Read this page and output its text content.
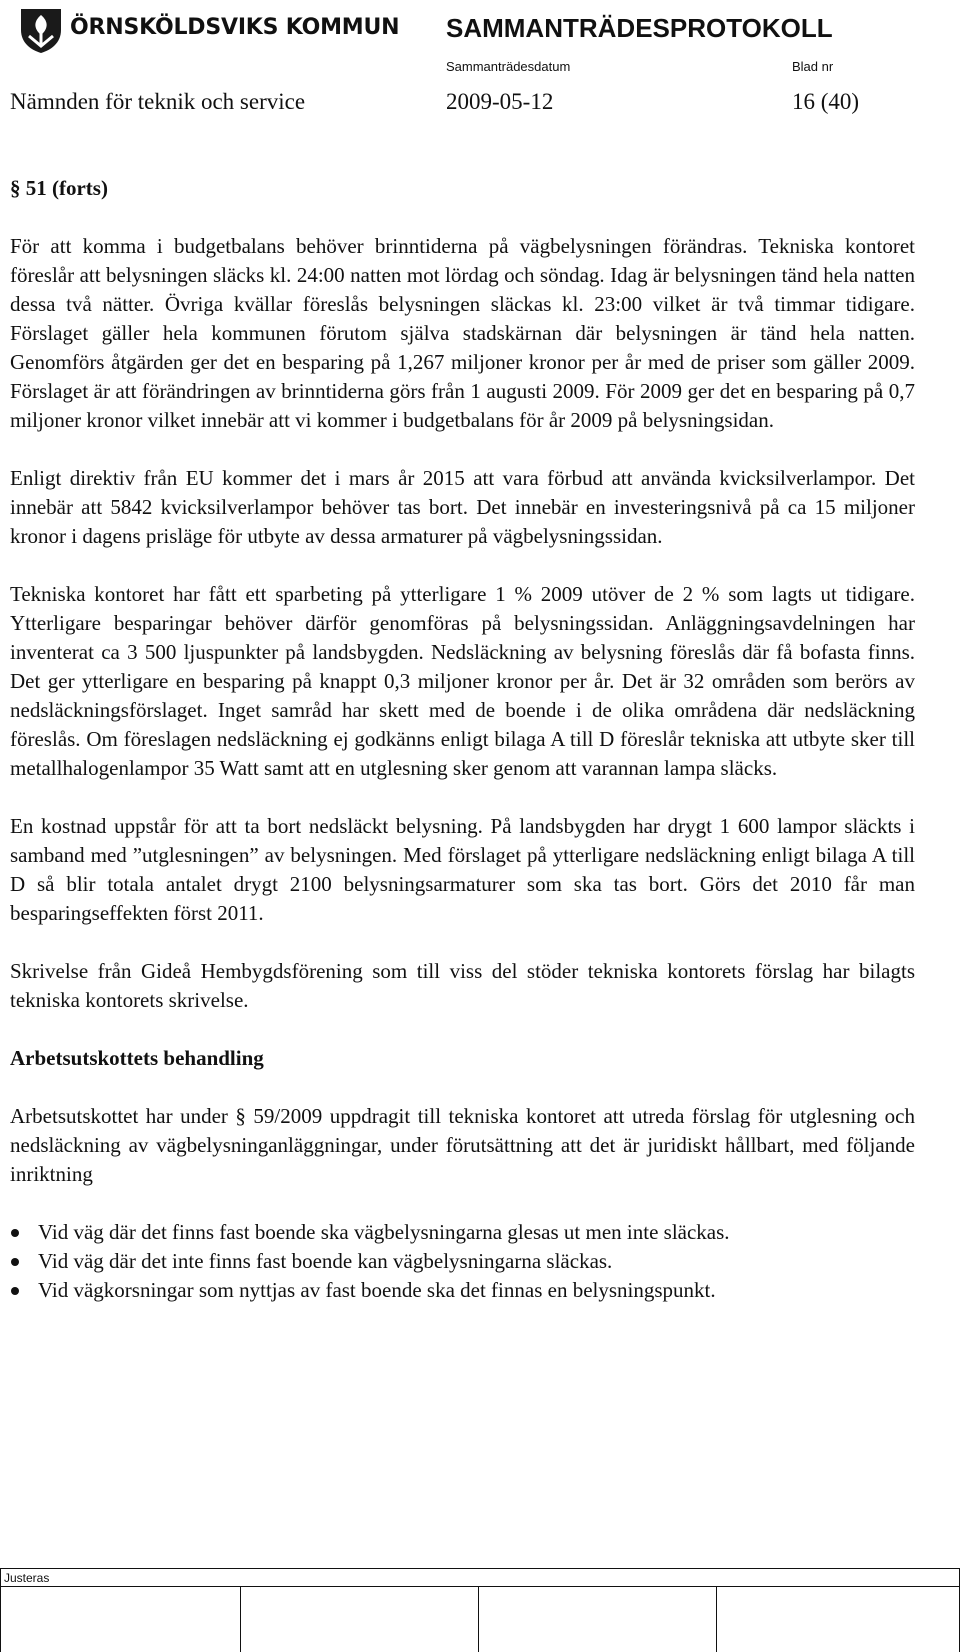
ÖRNSKÖLDSVIKS KOMMUN SAMMANTRÄDESPROTOKOLL
Sammanträdesdatum	Blad nr
Nämnden för teknik och service	2009-05-12	16 (40)
§ 51 (forts)

För att komma i budgetbalans behöver brinntiderna på vägbelysningen förändras. Tekniska kontoret föreslår att belysningen släcks kl. 24:00 natten mot lördag och söndag. Idag är belysningen tänd hela natten dessa två nätter. Övriga kvällar föreslås belysningen släckas kl. 23:00 vilket är två timmar tidigare. Förslaget gäller hela kommunen förutom själva stadskärnan där belysningen är tänd hela natten. Genomförs åtgärden ger det en besparing på 1,267 miljoner kronor per år med de priser som gäller 2009. Förslaget är att förändringen av brinntiderna görs från 1 augusti 2009. För 2009 ger det en besparing på 0,7 miljoner kronor vilket innebär att vi kommer i budgetbalans för år 2009 på belysningsidan.

Enligt direktiv från EU kommer det i mars år 2015 att vara förbud att använda kvicksilverlampor. Det innebär att 5842 kvicksilverlampor behöver tas bort. Det innebär en investeringsnivå på ca 15 miljoner kronor i dagens prisläge för utbyte av dessa armaturer på vägbelysningssidan.

Tekniska kontoret har fått ett sparbeting på ytterligare 1 % 2009 utöver de 2 % som lagts ut tidigare. Ytterligare besparingar behöver därför genomföras på belysningssidan. Anläggningsavdelningen har inventerat ca 3 500 ljuspunkter på landsbygden. Nedsläckning av belysning föreslås där få bofasta finns. Det ger ytterligare en besparing på knappt 0,3 miljoner kronor per år. Det är 32 områden som berörs av nedsläckningsförslaget. Inget samråd har skett med de boende i de olika områdena där nedsläckning föreslås. Om föreslagen nedsläckning ej godkänns enligt bilaga A till D föreslår tekniska att utbyte sker till metallhalogenlampor 35 Watt samt att en utglesning sker genom att varannan lampa släcks.

En kostnad uppstår för att ta bort nedsläckt belysning. På landsbygden har drygt 1 600 lampor släckts i samband med ”utglesningen” av belysningen. Med förslaget på ytterligare nedsläckning enligt bilaga A till D så blir totala antalet drygt 2100 belysningsarmaturer som ska tas bort. Görs det 2010 får man besparingseffekten först 2011.

Skrivelse från Gideå Hembygdsförening som till viss del stöder tekniska kontorets förslag har bilagts tekniska kontorets skrivelse.

Arbetsutskottets behandling

Arbetsutskottet har under § 59/2009 uppdragit till tekniska kontoret att utreda förslag för utglesning och nedsläckning av vägbelysninganläggningar, under förutsättning att det är juridiskt hållbart, med följande inriktning

Vid väg där det finns fast boende ska vägbelysningarna glesas ut men inte släckas.
Vid väg där det inte finns fast boende kan vägbelysningarna släckas.
Vid vägkorsningar som nyttjas av fast boende ska det finnas en belysningspunkt.
Justeras
